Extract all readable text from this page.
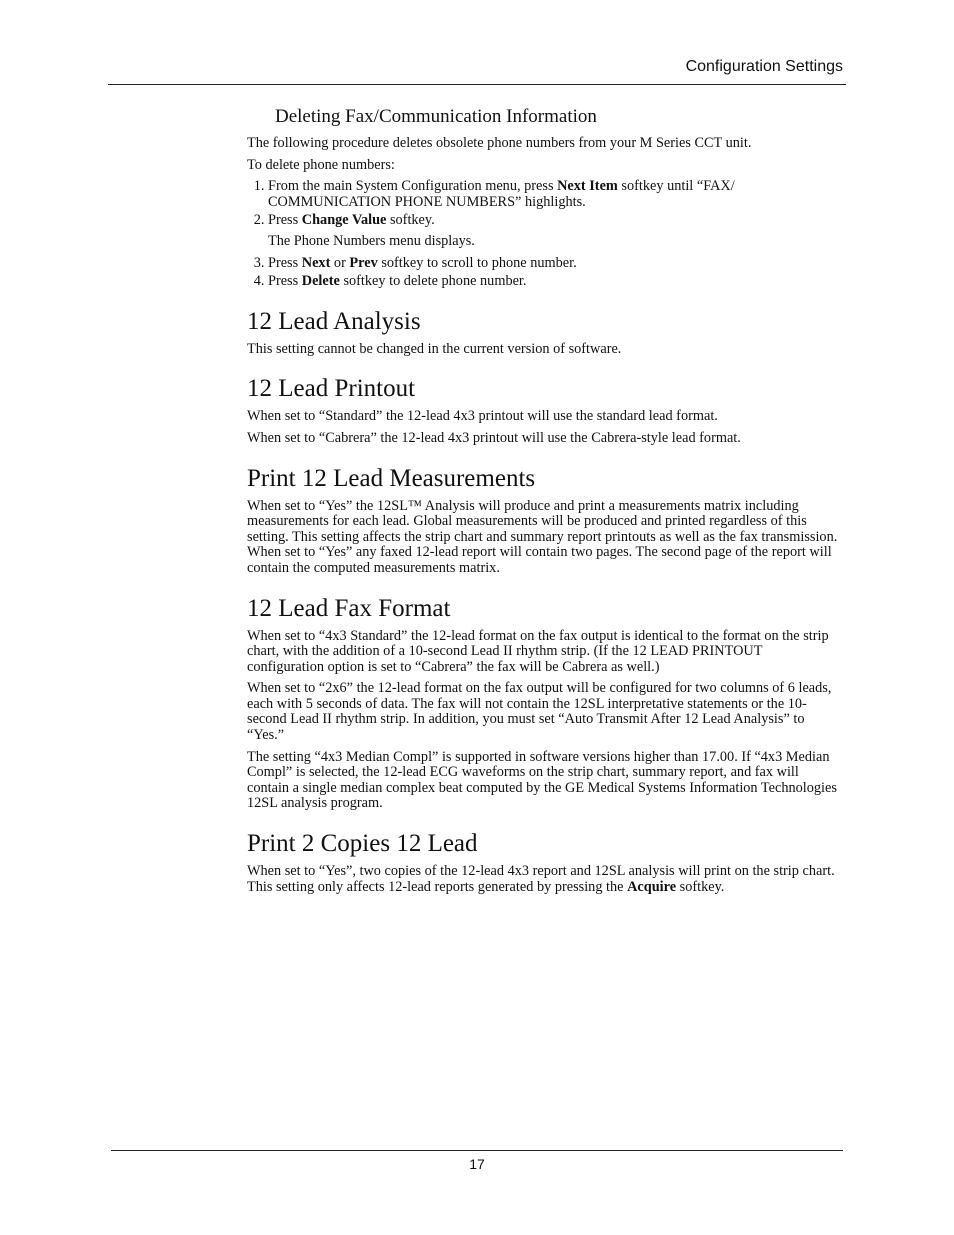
Configuration Settings
Deleting Fax/Communication Information

The following procedure deletes obsolete phone numbers from your M Series CCT unit.

To delete phone numbers:

1. From the main System Configuration menu, press Next Item softkey until “FAX/ COMMUNICATION PHONE NUMBERS” highlights.
2. Press Change Value softkey.
The Phone Numbers menu displays.
3. Press Next or Prev softkey to scroll to phone number.
4. Press Delete softkey to delete phone number.
12 Lead Analysis

This setting cannot be changed in the current version of software.

12 Lead Printout

When set to “Standard” the 12-lead 4x3 printout will use the standard lead format.

When set to “Cabrera” the 12-lead 4x3 printout will use the Cabrera-style lead format.

Print 12 Lead Measurements

When set to “Yes” the 12SL™ Analysis will produce and print a measurements matrix including measurements for each lead. Global measurements will be produced and printed regardless of this setting. This setting affects the strip chart and summary report printouts as well as the fax transmission. When set to “Yes” any faxed 12-lead report will contain two pages. The second page of the report will contain the computed measurements matrix.

12 Lead Fax Format

When set to “4x3 Standard” the 12-lead format on the fax output is identical to the format on the strip chart, with the addition of a 10-second Lead II rhythm strip. (If the 12 LEAD PRINTOUT configuration option is set to “Cabrera” the fax will be Cabrera as well.)

When set to “2x6” the 12-lead format on the fax output will be configured for two columns of 6 leads, each with 5 seconds of data. The fax will not contain the 12SL interpretative statements or the 10-second Lead II rhythm strip. In addition, you must set “Auto Transmit After 12 Lead Analysis” to “Yes.”

The setting “4x3 Median Compl” is supported in software versions higher than 17.00. If “4x3 Median Compl” is selected, the 12-lead ECG waveforms on the strip chart, summary report, and fax will contain a single median complex beat computed by the GE Medical Systems Information Technologies 12SL analysis program.

Print 2 Copies 12 Lead

When set to “Yes”, two copies of the 12-lead 4x3 report and 12SL analysis will print on the strip chart. This setting only affects 12-lead reports generated by pressing the Acquire softkey.

17
